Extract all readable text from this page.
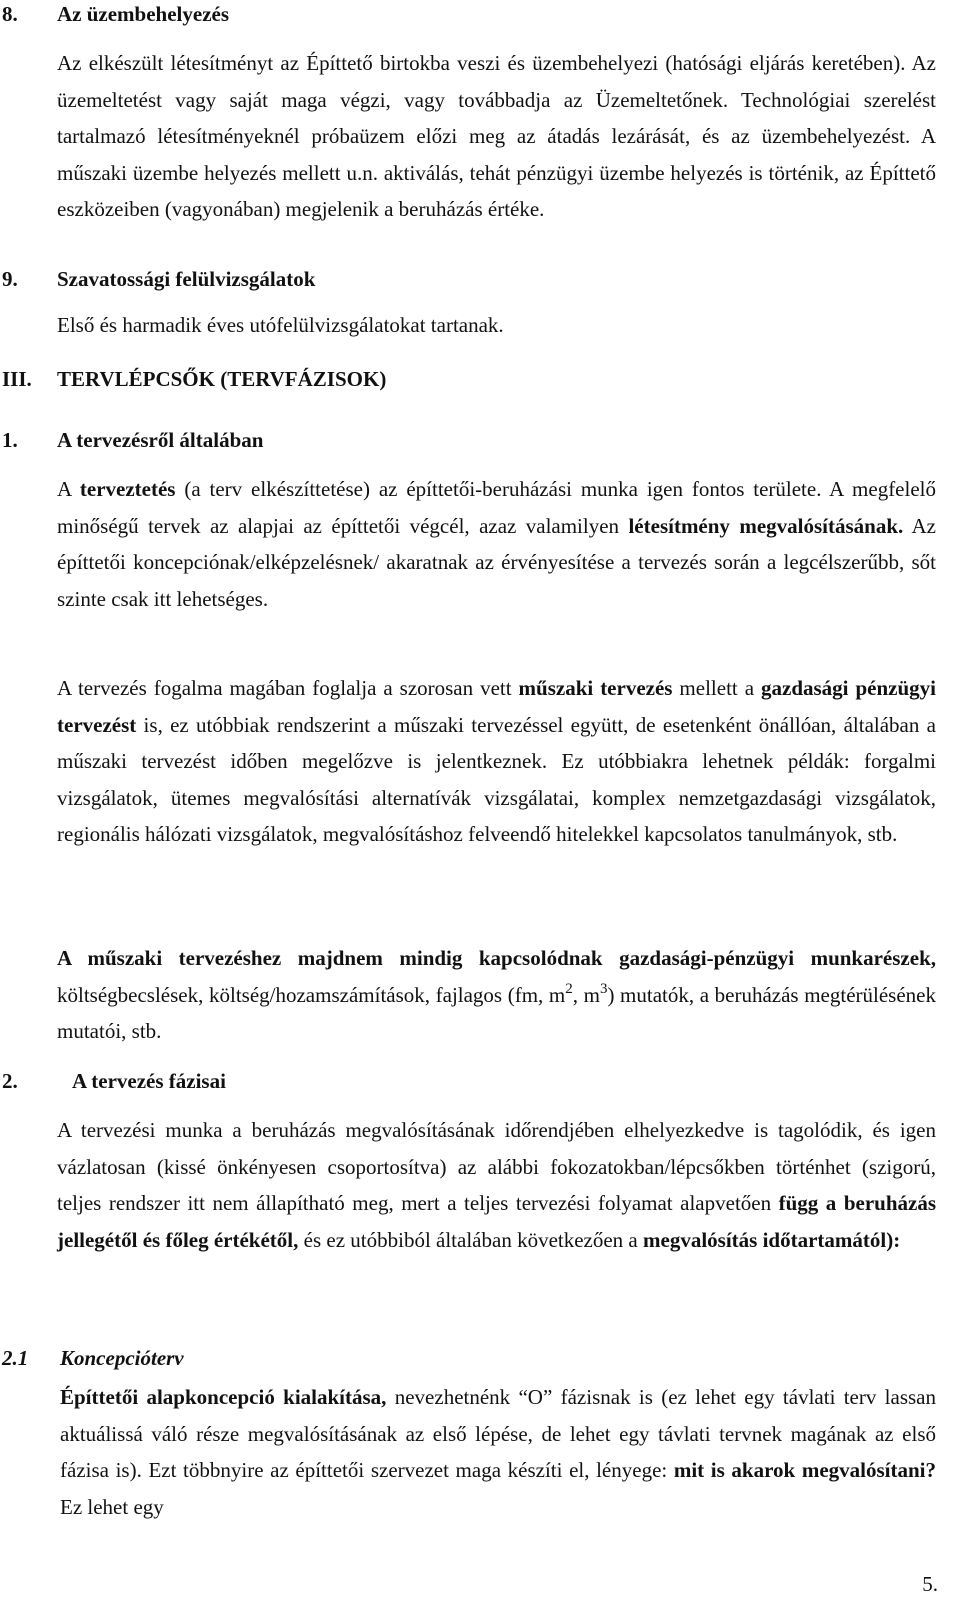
8. Az üzembehelyezés
Az elkészült létesítményt az Építtető birtokba veszi és üzembehelyezi (hatósági eljárás keretében). Az üzemeltetést vagy saját maga végzi, vagy továbbadja az Üzemeltetőnek. Technológiai szerelést tartalmazó létesítményeknél próbaüzem előzi meg az átadás lezárását, és az üzembehelyezést. A műszaki üzembe helyezés mellett u.n. aktiválás, tehát pénzügyi üzembe helyezés is történik, az Építtető eszközeiben (vagyonában) megjelenik a beruházás értéke.
9. Szavatossági felülvizsgálatok
Első és harmadik éves utófelülvizsgálatokat tartanak.
III. TERVLÉPCSŐK (TERVFÁZISOK)
1. A tervezésről általában
A terveztetés (a terv elkészíttetése) az építtetői-beruházási munka igen fontos területe. A megfelelő minőségű tervek az alapjai az építtetői végcél, azaz valamilyen létesítmény megvalósításának. Az építtetői koncepciónak/elképzelésnek/ akaratnak az érvényesítése a tervezés során a legcélszerűbb, sőt szinte csak itt lehetséges.
A tervezés fogalma magában foglalja a szorosan vett műszaki tervezés mellett a gazdasági pénzügyi tervezést is, ez utóbbiak rendszerint a műszaki tervezéssel együtt, de esetenként önállóan, általában a műszaki tervezést időben megelőzve is jelentkeznek. Ez utóbbiakra lehetnek példák: forgalmi vizsgálatok, ütemes megvalósítási alternatívák vizsgálatai, komplex nemzetgazdasági vizsgálatok, regionális hálózati vizsgálatok, megvalósításhoz felveendő hitelekkel kapcsolatos tanulmányok, stb.
A műszaki tervezéshez majdnem mindig kapcsolódnak gazdasági-pénzügyi munkarészek, költségbecslések, költség/hozamszámítások, fajlagos (fm, $m^2$, $m^3$) mutatók, a beruházás megtérülésének mutatói, stb.
2.	A tervezés fázisai
A tervezési munka a beruházás megvalósításának időrendjében elhelyezkedve is tagolódik, és igen vázlatosan (kissé önkényesen csoportosítva) az alábbi fokozatokban/lépcsőkben történhet (szigorú, teljes rendszer itt nem állapítható meg, mert a teljes tervezési folyamat alapvetően függ a beruházás jellegétől és főleg értékétől, és ez utóbbiból általában következően a megvalósítás időtartamától):
2.1 Koncepcióterv
Építtetői alapkoncepció kialakítása, nevezhetnénk “O” fázisnak is (ez lehet egy távlati terv lassan aktuálissá váló része megvalósításának az első lépése, de lehet egy távlati tervnek magának az első fázisa is). Ezt többnyire az építtetői szervezet maga készíti el, lényege: mit is akarok megvalósítani? Ez lehet egy
5.
